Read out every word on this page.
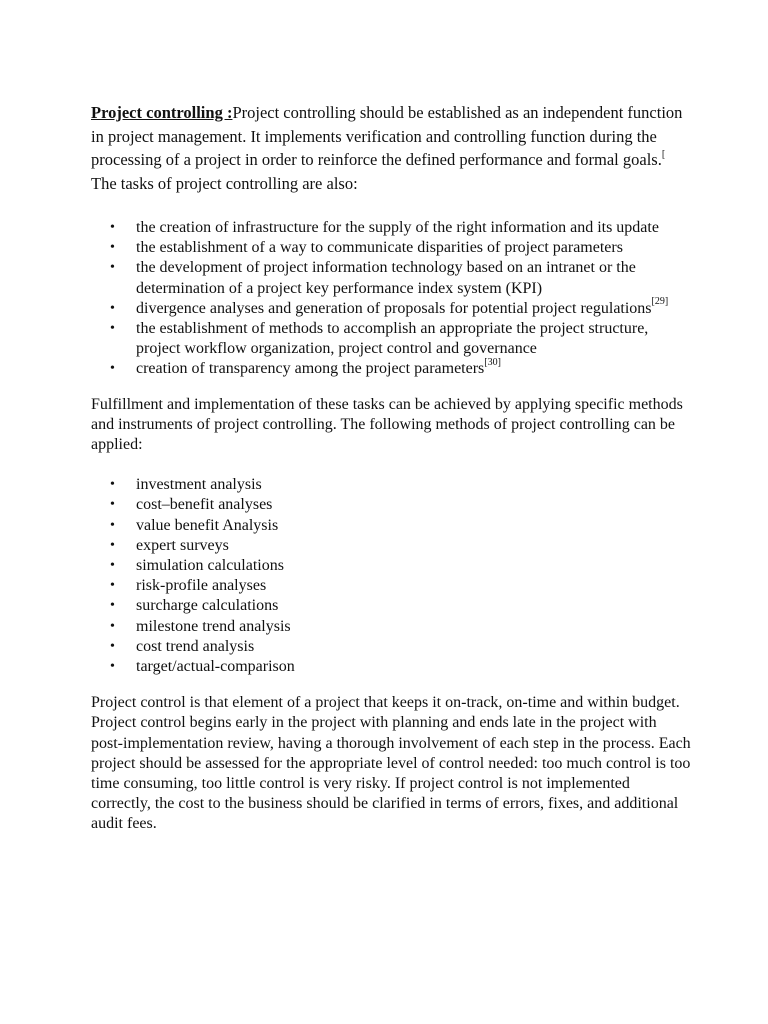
Project controlling :Project controlling should be established as an independent function in project management. It implements verification and controlling function during the processing of a project in order to reinforce the defined performance and formal goals.[ The tasks of project controlling are also:

• the creation of infrastructure for the supply of the right information and its update
• the establishment of a way to communicate disparities of project parameters
• the development of project information technology based on an intranet or the determination of a project key performance index system (KPI)
• divergence analyses and generation of proposals for potential project regulations[29]
• the establishment of methods to accomplish an appropriate the project structure, project workflow organization, project control and governance
• creation of transparency among the project parameters[30]

Fulfillment and implementation of these tasks can be achieved by applying specific methods and instruments of project controlling. The following methods of project controlling can be applied:

• investment analysis
• cost–benefit analyses
• value benefit Analysis
• expert surveys
• simulation calculations
• risk-profile analyses
• surcharge calculations
• milestone trend analysis
• cost trend analysis
• target/actual-comparison

Project control is that element of a project that keeps it on-track, on-time and within budget. Project control begins early in the project with planning and ends late in the project with post-implementation review, having a thorough involvement of each step in the process. Each project should be assessed for the appropriate level of control needed: too much control is too time consuming, too little control is very risky. If project control is not implemented correctly, the cost to the business should be clarified in terms of errors, fixes, and additional audit fees.
